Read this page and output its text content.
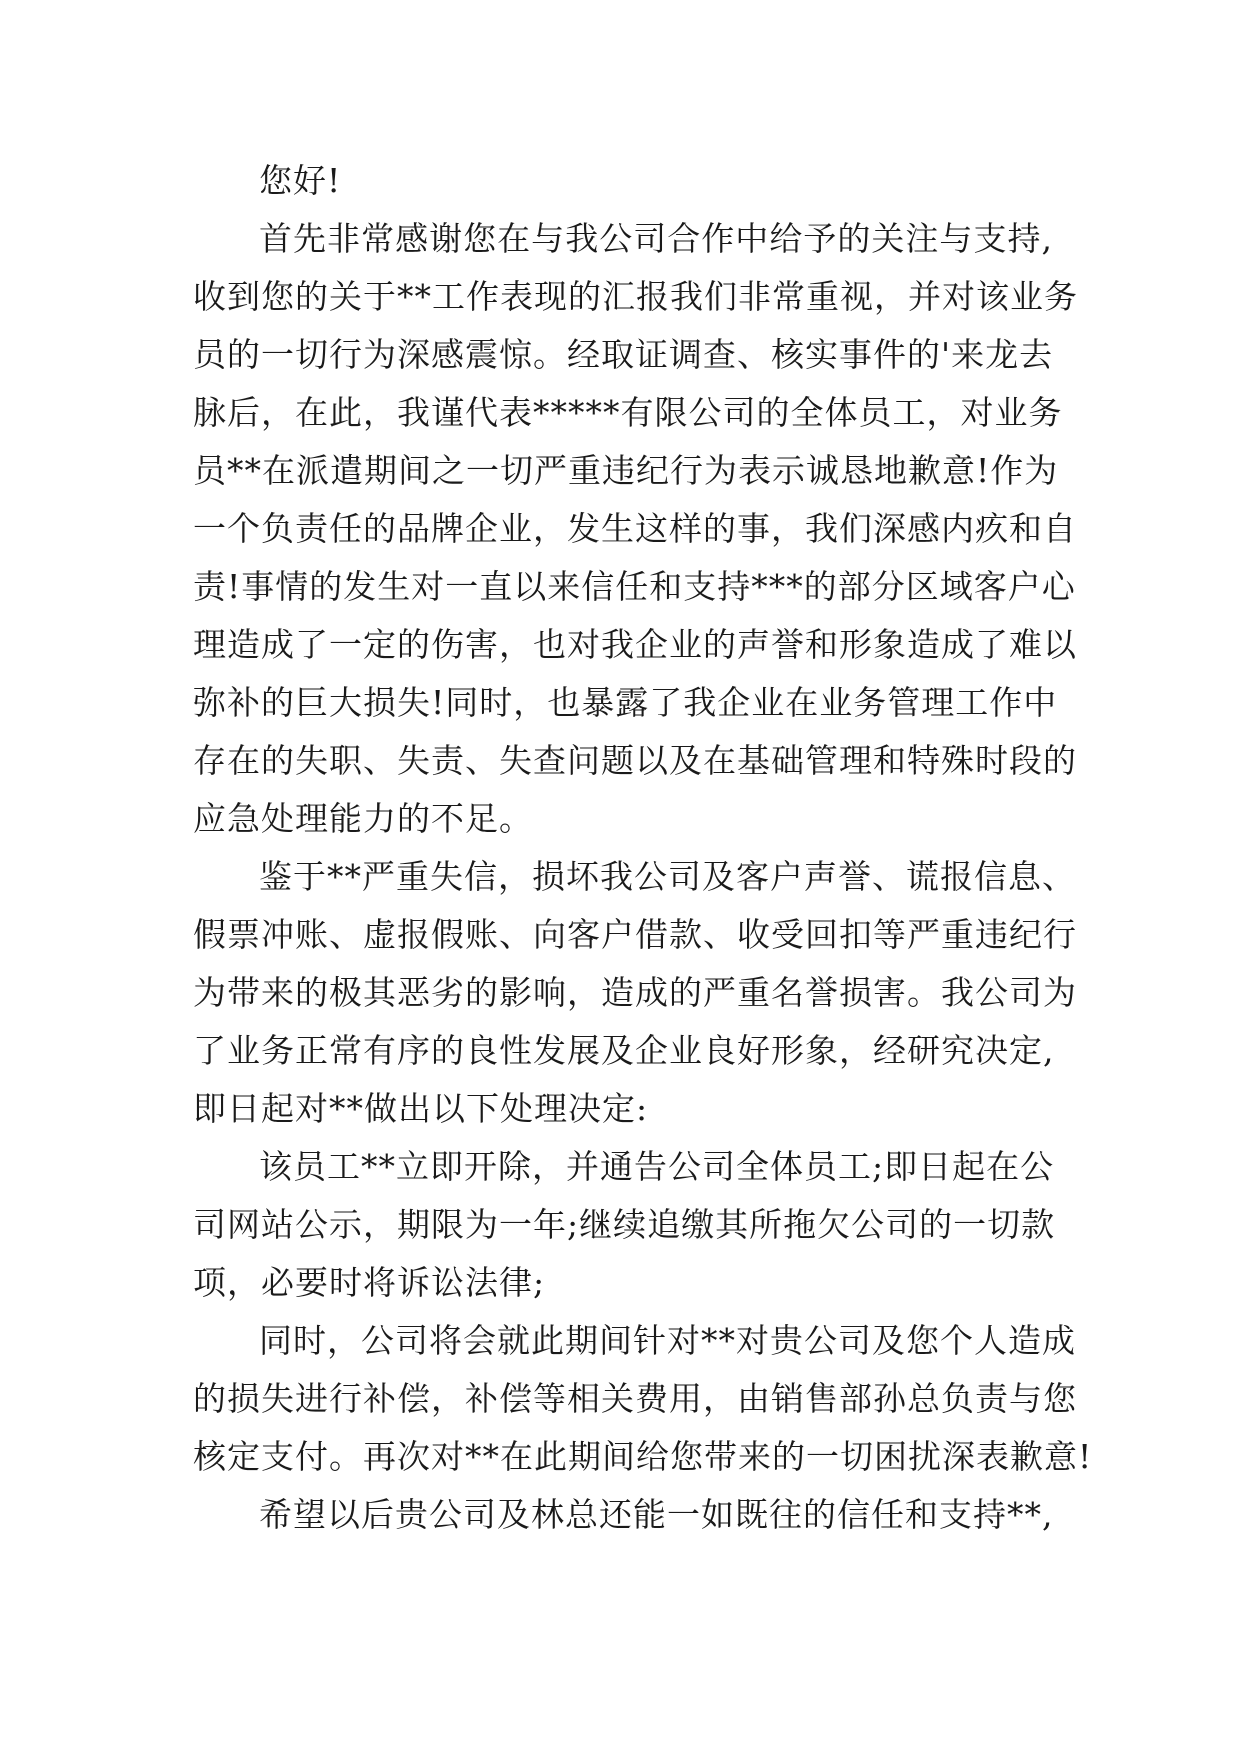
您好!
首先非常感谢您在与我公司合作中给予的关注与支持,
收到您的关于**工作表现的汇报我们非常重视，并对该业务
员的一切行为深感震惊。经取证调查、核实事件的'来龙去
脉后，在此，我谨代表*****有限公司的全体员工，对业务
员**在派遣期间之一切严重违纪行为表示诚恳地歉意!作为
一个负责任的品牌企业，发生这样的事，我们深感内疚和自
责!事情的发生对一直以来信任和支持***的部分区域客户心
理造成了一定的伤害，也对我企业的声誉和形象造成了难以
弥补的巨大损失!同时，也暴露了我企业在业务管理工作中
存在的失职、失责、失查问题以及在基础管理和特殊时段的
应急处理能力的不足。
鉴于**严重失信，损坏我公司及客户声誉、谎报信息、
假票冲账、虚报假账、向客户借款、收受回扣等严重违纪行
为带来的极其恶劣的影响，造成的严重名誉损害。我公司为
了业务正常有序的良性发展及企业良好形象，经研究决定,
即日起对**做出以下处理决定:
该员工**立即开除，并通告公司全体员工;即日起在公
司网站公示，期限为一年;继续追缴其所拖欠公司的一切款
项，必要时将诉讼法律;
同时，公司将会就此期间针对**对贵公司及您个人造成
的损失进行补偿，补偿等相关费用，由销售部孙总负责与您
核定支付。再次对**在此期间给您带来的一切困扰深表歉意!
希望以后贵公司及林总还能一如既往的信任和支持**,
